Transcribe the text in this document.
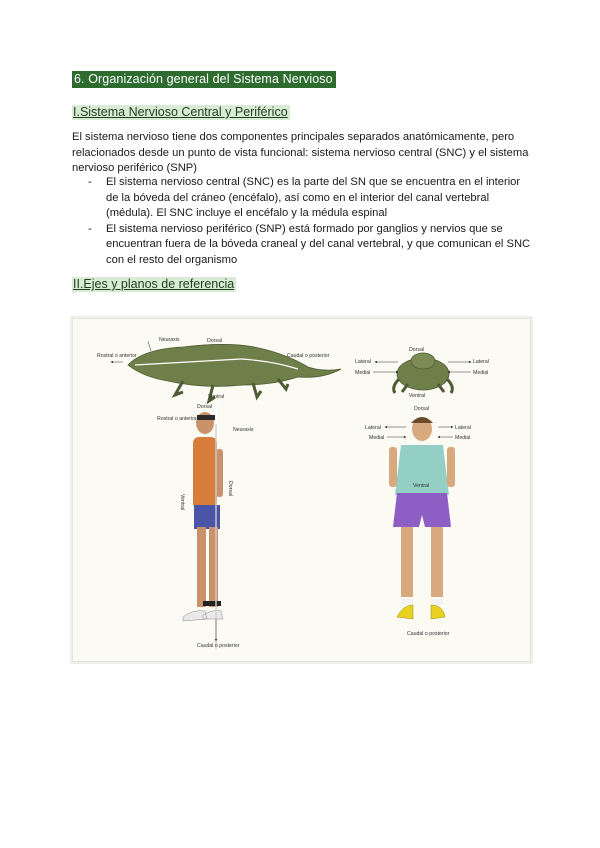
6. Organización general del Sistema Nervioso
I.Sistema Nervioso Central y Periférico
El sistema nervioso tiene dos componentes principales separados anatómicamente, pero relacionados desde un punto de vista funcional: sistema nervioso central (SNC) y el sistema nervioso periférico (SNP)
- El sistema nervioso central (SNC) es la parte del SN que se encuentra en el interior de la bóveda del cráneo (encéfalo), así como en el interior del canal vertebral (médula). El SNC incluye el encéfalo y la médula espinal
- El sistema nervioso periférico (SNP) está formado por ganglios y nervios que se encuentran fuera de la bóveda craneal y del canal vertebral, y que comunican el SNC con el resto del organismo
II.Ejes y planos de referencia
Neuraxis	Dorsal
Rostral o anterior	Caudal o posterior
Ventral
Dorsal
Lateral	Lateral
Medial	Medial
Ventral
Dorsal
Rostral o anterior
Neuraxis
Ventral
Dorsal
Caudal o posterior
Dorsal
Lateral	Lateral
Medial	Medial
Ventral
Caudal o posterior
